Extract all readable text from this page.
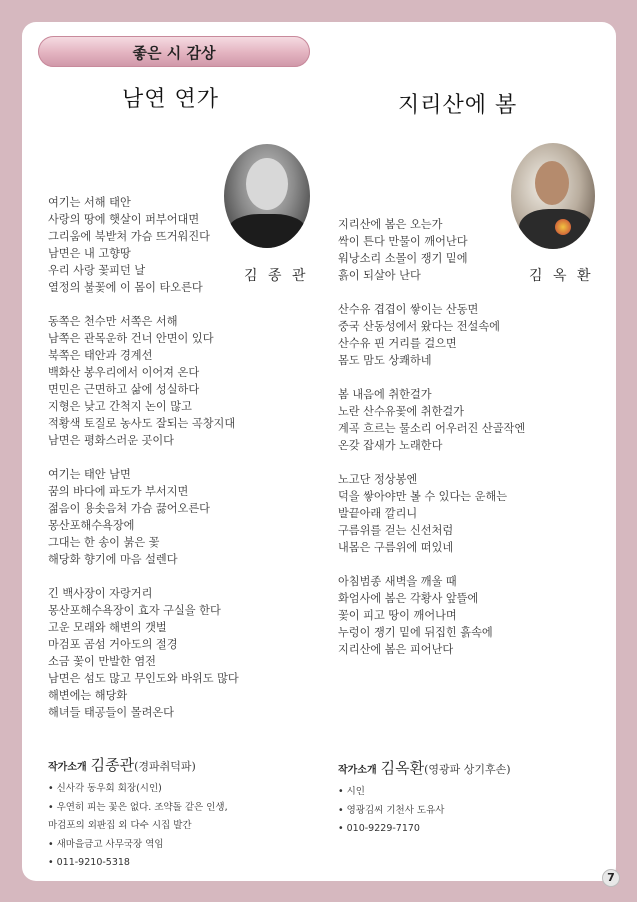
좋은 시 감상
남연 연가	지리산에 봄
김 종 관	김 옥 환
여기는 서해 태안
사랑의 땅에 햇살이 퍼부어대면
그리움에 북받쳐 가슴 뜨거워진다
남면은 내 고향땅
우리 사랑 꽃피던 날
열정의 불꽃에 이 몸이 타오른다
동쪽은 천수만 서쪽은 서해
남쪽은 관목운하 건너 안면이 있다
북쪽은 태안과 경계선
백화산 봉우리에서 이어져 온다
면민은 근면하고 삶에 성실하다
지형은 낮고 간척지 논이 많고
적황색 토질로 농사도 잘되는 곡창지대
남면은 평화스러운 곳이다
여기는 태안 남면
꿈의 바다에 파도가 부서지면
젊음이 용솟음쳐 가슴 끓어오른다
몽산포해수욕장에
그대는 한 송이 붉은 꽃
해당화 향기에 마음 설렌다
긴 백사장이 자랑거리
몽산포해수욕장이 효자 구실을 한다
고운 모래와 해변의 갯벌
마검포 곰섬 거아도의 절경
소금 꽃이 만발한 염전
남면은 섬도 많고 무인도와 바위도 많다
해변에는 해당화
해녀들 태공들이 몰려온다
지리산에 봄은 오는가
싹이 튼다 만물이 깨어난다
워낭소리 소몰이 쟁기 밑에
흙이 되살아 난다
산수유 겹겹이 쌓이는 산동면
중국 산동성에서 왔다는 전설속에
산수유 핀 거리를 걸으면
몸도 맘도 상쾌하네
봄 내음에 취한걸가
노란 산수유꽃에 취한걸가
계곡 흐르는 물소리 어우러진 산골작엔
온갖 잡새가 노래한다
노고단 정상봉엔
덕을 쌓아야만 볼 수 있다는 운해는
발끝아래 깔리니
구름위를 걷는 신선처럼
내몸은 구름위에 떠있네
아침범종 새벽을 깨울 때
화엄사에 봄은 각황사 앞뜰에
꽃이 피고 땅이 깨어나며
누렁이 쟁기 밑에 뒤집힌 흙속에
지리산에 봄은 피어난다
작가소개 김종관 (경파취덕파)
• 신사각 동우회 회장(시인)
• 우연히 피는 꽃은 없다. 조약돌 같은 인생,
마검포의 외판집 외 다수 시집 발간
• 새마을금고 사무국장 역임
• 011-9210-5318
작가소개 김옥환 (영광파 상기후손)
• 시인
• 영광김씨 기천사 도유사
• 010-9229-7170
7
